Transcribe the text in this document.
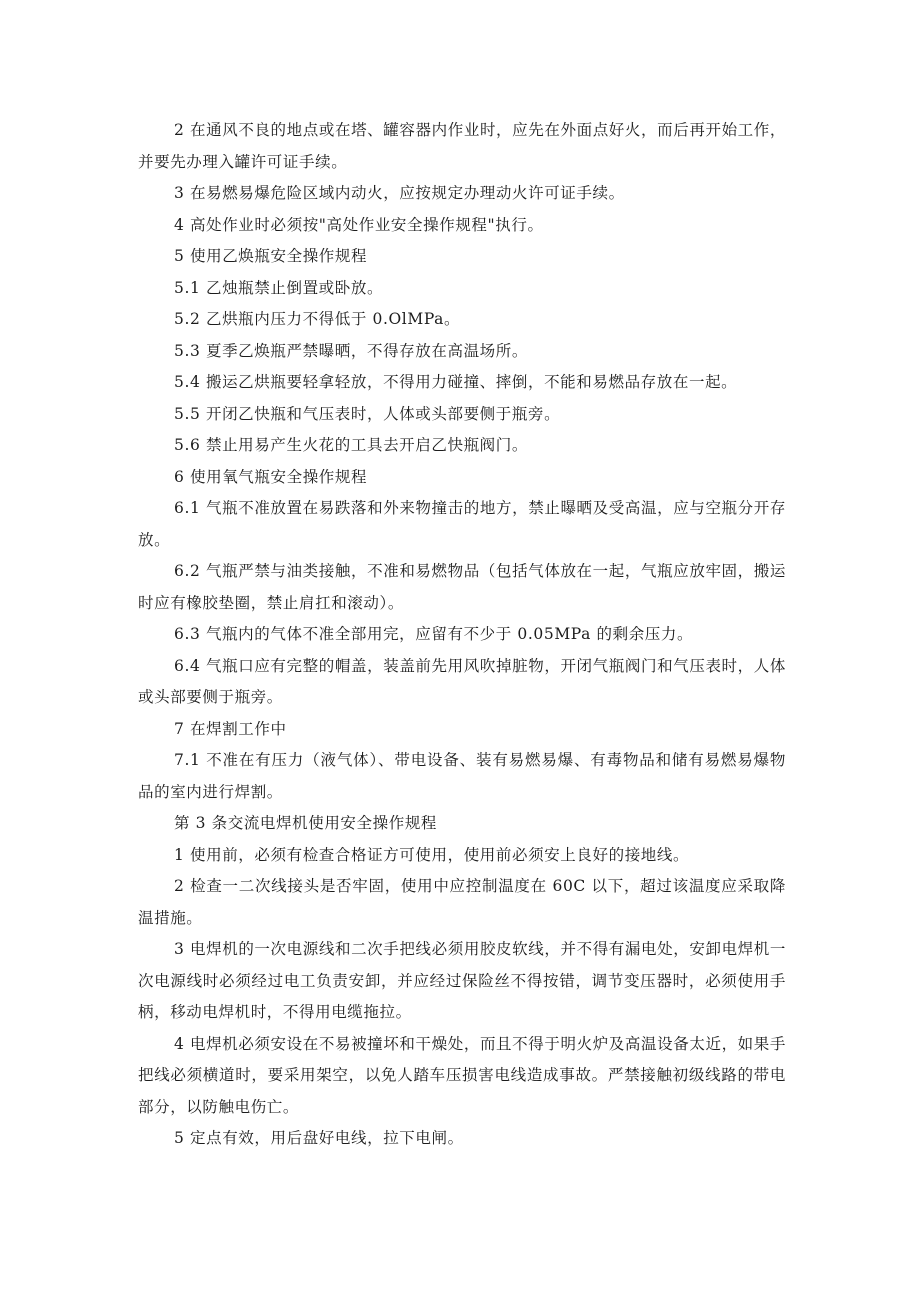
2 在通风不良的地点或在塔、罐容器内作业时，应先在外面点好火，而后再开始工作，并要先办理入罐许可证手续。

3 在易燃易爆危险区域内动火，应按规定办理动火许可证手续。

4 高处作业时必须按"高处作业安全操作规程"执行。

5 使用乙焕瓶安全操作规程

5.1 乙烛瓶禁止倒置或卧放。

5.2 乙烘瓶内压力不得低于 0.OlMPa。

5.3 夏季乙焕瓶严禁曝晒，不得存放在高温场所。

5.4 搬运乙烘瓶要轻拿轻放，不得用力碰撞、摔倒，不能和易燃品存放在一起。

5.5 开闭乙快瓶和气压表时，人体或头部要侧于瓶旁。

5.6 禁止用易产生火花的工具去开启乙快瓶阀门。

6 使用氧气瓶安全操作规程

6.1 气瓶不准放置在易跌落和外来物撞击的地方，禁止曝晒及受高温，应与空瓶分开存放。

6.2 气瓶严禁与油类接触，不准和易燃物品（包括气体放在一起，气瓶应放牢固，搬运时应有橡胶垫圈，禁止肩扛和滚动）。

6.3 气瓶内的气体不准全部用完，应留有不少于 0.05MPa 的剩余压力。

6.4 气瓶口应有完整的帽盖，装盖前先用风吹掉脏物，开闭气瓶阀门和气压表时，人体或头部要侧于瓶旁。

7 在焊割工作中

7.1 不准在有压力（液气体）、带电设备、装有易燃易爆、有毒物品和储有易燃易爆物品的室内进行焊割。

第 3 条交流电焊机使用安全操作规程

1 使用前，必须有检查合格证方可使用，使用前必须安上良好的接地线。

2 检查一二次线接头是否牢固，使用中应控制温度在 60C 以下，超过该温度应采取降温措施。

3 电焊机的一次电源线和二次手把线必须用胶皮软线，并不得有漏电处，安卸电焊机一次电源线时必须经过电工负责安卸，并应经过保险丝不得按错，调节变压器时，必须使用手柄，移动电焊机时，不得用电缆拖拉。

4 电焊机必须安设在不易被撞坏和干燥处，而且不得于明火炉及高温设备太近，如果手把线必须横道时，要采用架空，以免人踏车压损害电线造成事故。严禁接触初级线路的带电部分，以防触电伤亡。

5 定点有效，用后盘好电线，拉下电闸。
